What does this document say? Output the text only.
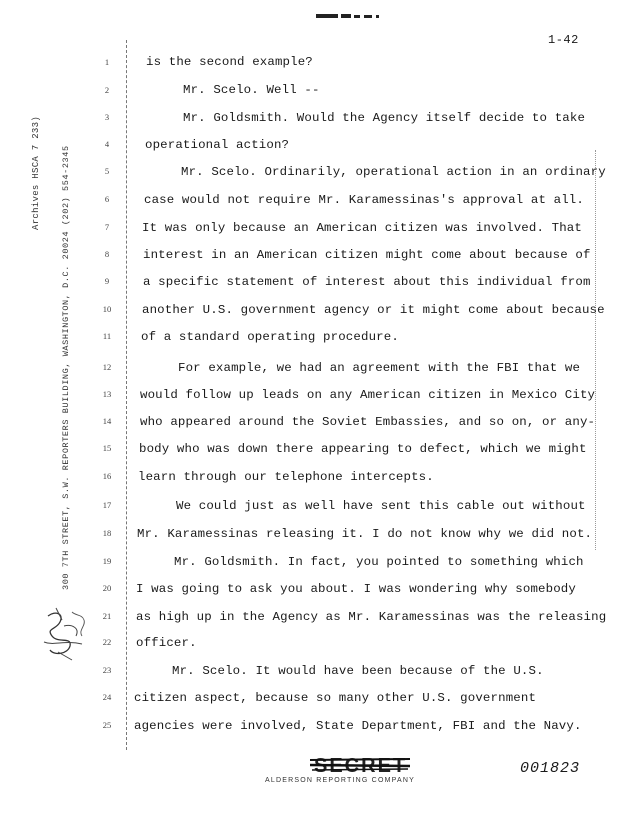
1-42
Archives HSCA 7 233) 300 7TH STREET, S.W. REPORTERS BUILDING, WASHINGTON, D.C. 20024 (202) 554-2345
1
2
3
4
5
6
7
8
9
10
11
12
13
14
15
16
17
18
19
20
21
22
23
24
25
is the second example?
Mr. Scelo. Well --
Mr. Goldsmith. Would the Agency itself decide to take
operational action?
Mr. Scelo. Ordinarily, operational action in an ordinary
case would not require Mr. Karamessinas's approval at all.
It was only because an American citizen was involved. That
interest in an American citizen might come about because of
a specific statement of interest about this individual from
another U.S. government agency or it might come about because
of a standard operating procedure.
For example, we had an agreement with the FBI that we
would follow up leads on any American citizen in Mexico City
who appeared around the Soviet Embassies, and so on, or any-
body who was down there appearing to defect, which we might
learn through our telephone intercepts.
We could just as well have sent this cable out without
Mr. Karamessinas releasing it. I do not know why we did not.
Mr. Goldsmith. In fact, you pointed to something which
I was going to ask you about. I was wondering why somebody
as high up in the Agency as Mr. Karamessinas was the releasing
officer.
Mr. Scelo. It would have been because of the U.S.
citizen aspect, because so many other U.S. government
agencies were involved, State Department, FBI and the Navy.
ALDERSON REPORTING COMPANY
001823
